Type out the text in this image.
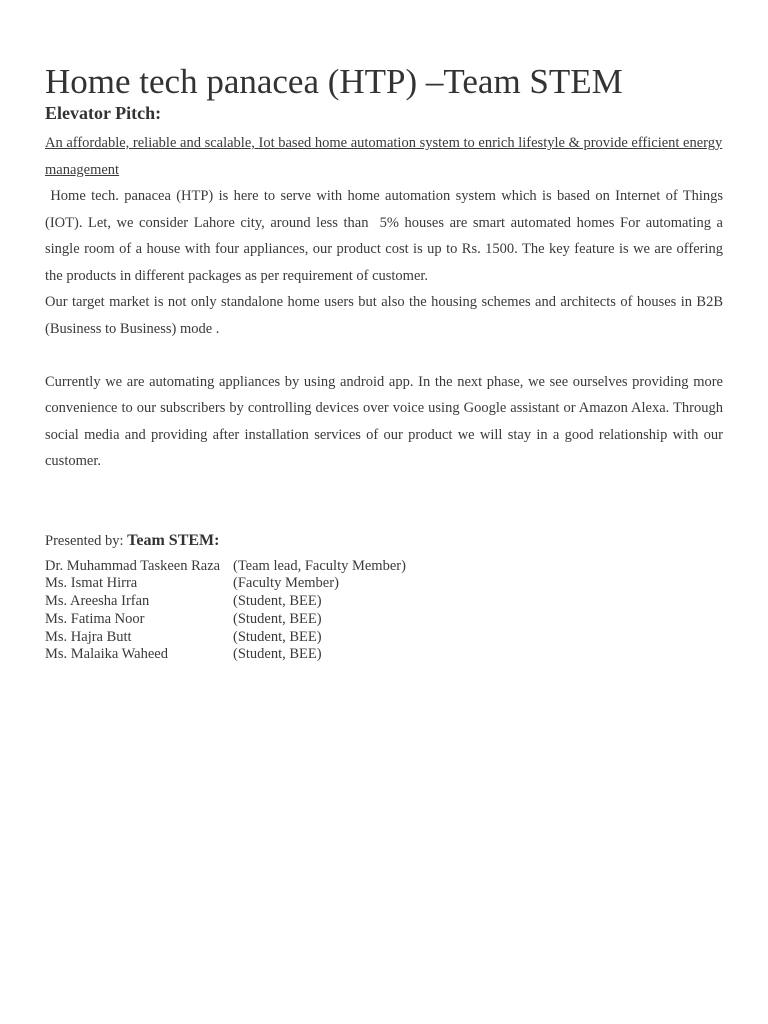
Home tech panacea (HTP) –Team STEM
Elevator Pitch:

An affordable, reliable and scalable, Iot based home automation system to enrich lifestyle & provide efficient energy management

Home tech. panacea (HTP) is here to serve with home automation system which is based on Internet of Things (IOT). Let, we consider Lahore city, around less than  5% houses are smart automated homes For automating a single room of a house with four appliances, our product cost is up to Rs. 1500. The key feature is we are offering the products in different packages as per requirement of customer.

Our target market is not only standalone home users but also the housing schemes and architects of houses in B2B (Business to Business) mode .

Currently we are automating appliances by using android app. In the next phase, we see ourselves providing more convenience to our subscribers by controlling devices over voice using Google assistant or Amazon Alexa. Through social media and providing after installation services of our product we will stay in a good relationship with our customer.

Presented by: Team STEM:

Dr. Muhammad Taskeen Raza (Team lead, Faculty Member)
Ms. Ismat Hirra	(Faculty Member)
Ms. Areesha Irfan	(Student, BEE)
Ms. Fatima Noor	(Student, BEE)
Ms. Hajra Butt	(Student, BEE)
Ms. Malaika Waheed	(Student, BEE)
